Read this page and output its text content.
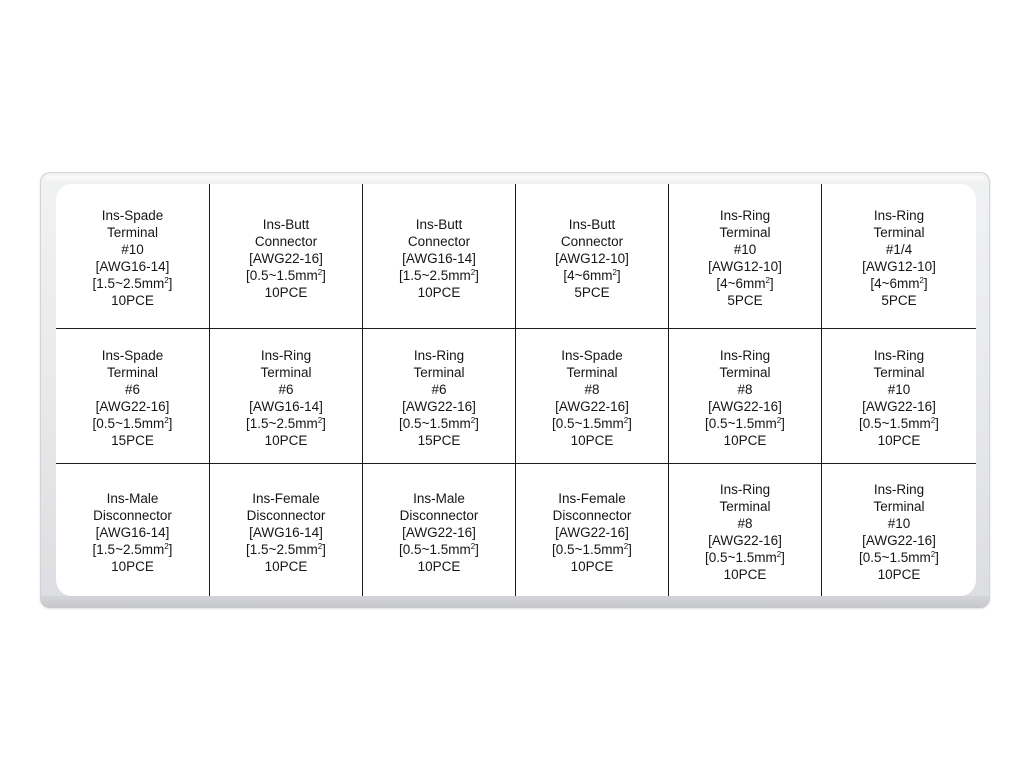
Ins-Spade
Terminal
#10
[AWG16-14]
$[1.5\sim 2.5mm^2]$
10PCE
Ins-Butt
Connector
[AWG22-16]
$[0.5\sim 1.5mm^2]$
10PCE
Ins-Butt
Connector
[AWG16-14]
$[1.5\sim 2.5mm^2]$
10PCE
Ins-Butt
Connector
[AWG12-10]
$[4\sim 6mm^2]$
5PCE
Ins-Ring
Terminal
#10
[AWG12-10]
$[4\sim 6mm^2]$
5PCE
Ins-Ring
Terminal
#1/4
[AWG12-10]
$[4\sim 6mm^2]$
5PCE
Ins-Spade
Terminal
#6
[AWG22-16]
$[0.5\sim 1.5mm^2]$
15PCE
Ins-Ring
Terminal
#6
[AWG16-14]
$[1.5\sim 2.5mm^2]$
10PCE
Ins-Ring
Terminal
#6
[AWG22-16]
$[0.5\sim 1.5mm^2]$
15PCE
Ins-Spade
Terminal
#8
[AWG22-16]
$[0.5\sim 1.5mm^2]$
10PCE
Ins-Ring
Terminal
#8
[AWG22-16]
$[0.5\sim 1.5mm^2]$
10PCE
Ins-Ring
Terminal
#10
[AWG22-16]
$[0.5\sim 1.5mm^2]$
10PCE
Ins-Male
Disconnector
[AWG16-14]
$[1.5\sim 2.5mm^2]$
10PCE
Ins-Female
Disconnector
[AWG16-14]
$[1.5\sim 2.5mm^2]$
10PCE
Ins-Male
Disconnector
[AWG22-16]
$[0.5\sim 1.5mm^2]$
10PCE
Ins-Female
Disconnector
[AWG22-16]
$[0.5\sim 1.5mm^2]$
10PCE
Ins-Ring
Terminal
#8
[AWG22-16]
$[0.5\sim 1.5mm^2]$
10PCE
Ins-Ring
Terminal
#10
[AWG22-16]
$[0.5\sim 1.5mm^2]$
10PCE
